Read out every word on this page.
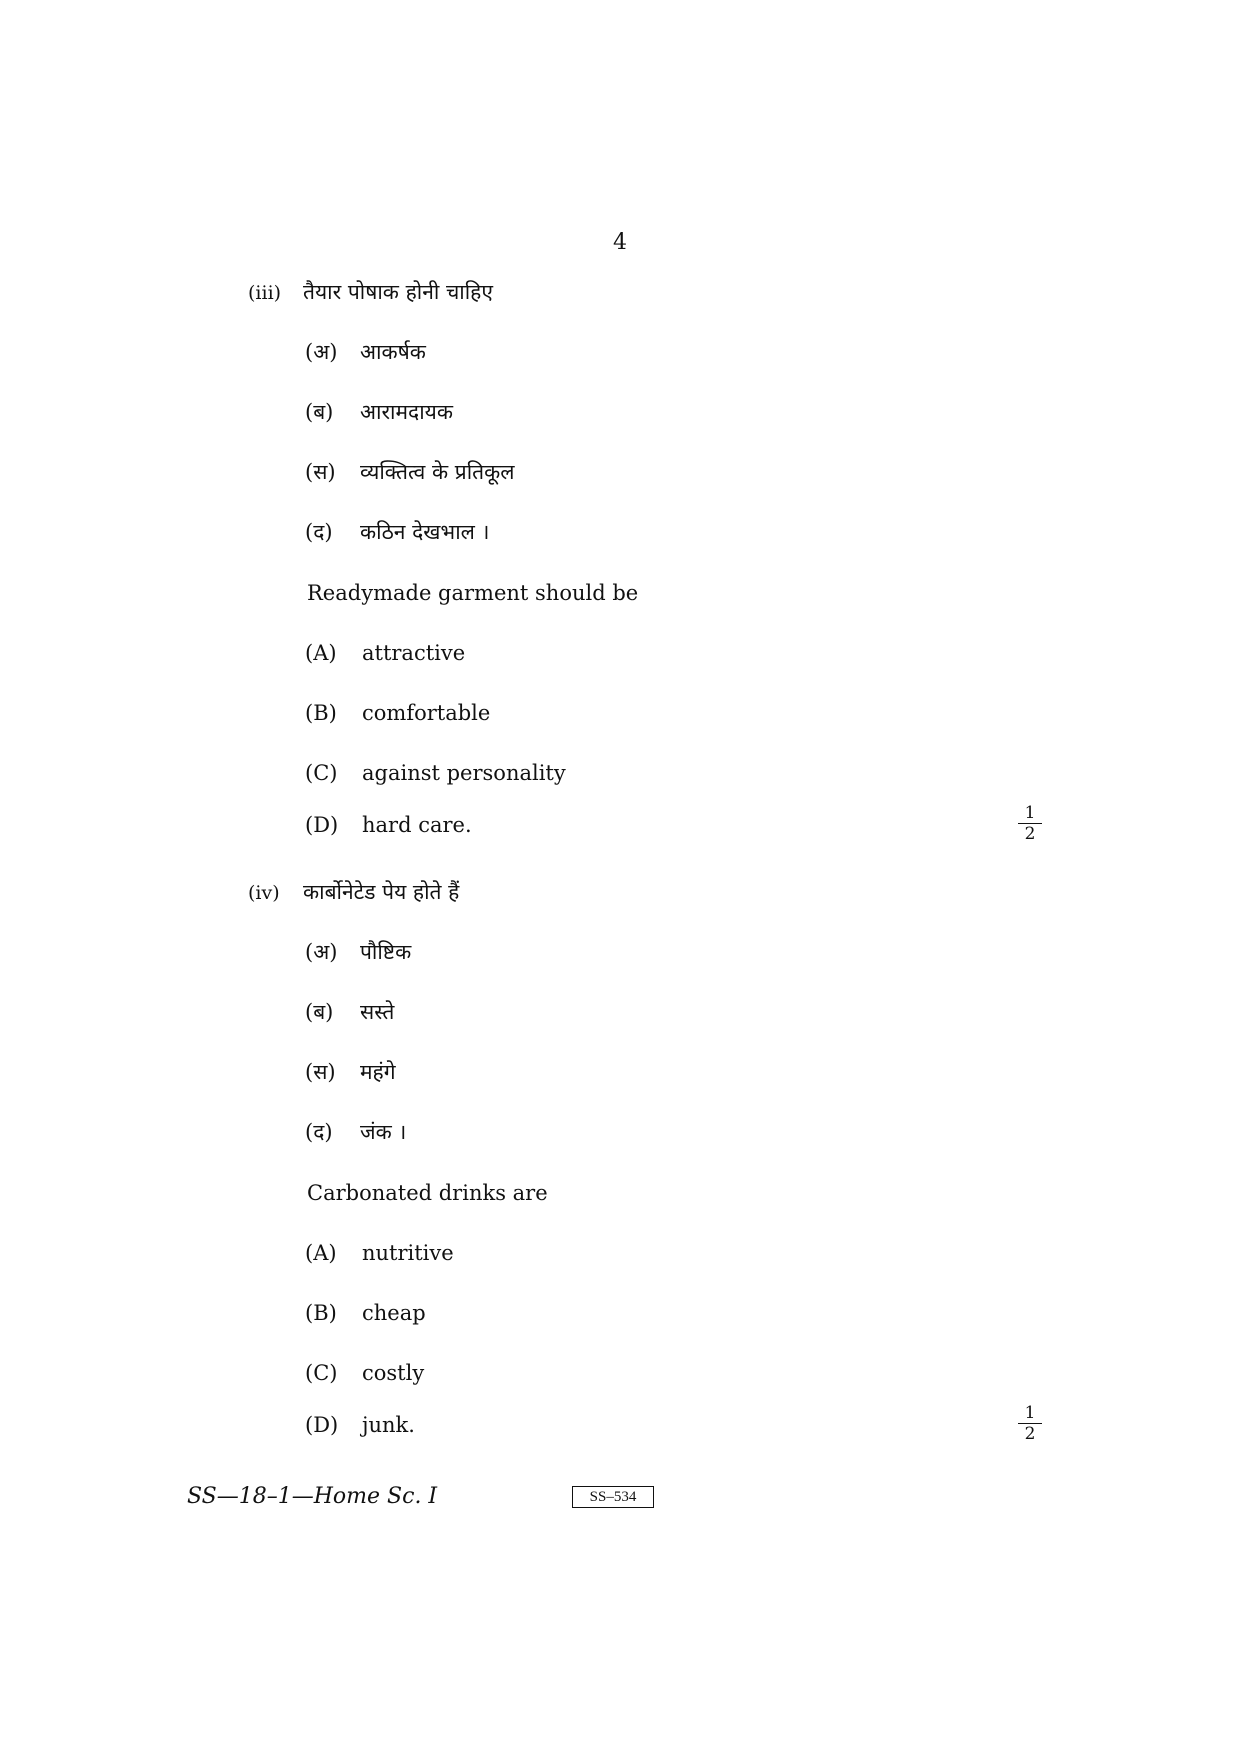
4
(iii) तैयार पोषाक होनी चाहिए
(अ) आकर्षक
(ब) आरामदायक
(स) व्यक्तित्व के प्रतिकूल
(द) कठिन देखभाल ।
Readymade garment should be
(A) attractive
(B) comfortable
(C) against personality
(D) hard care.	$\frac{1}{2}$
(iv) कार्बोनेटेड पेय होते हैं
(अ) पौष्टिक
(ब) सस्ते
(स) महंगे
(द) जंक ।
Carbonated drinks are
(A) nutritive
(B) cheap
(C) costly
(D) junk.	$\frac{1}{2}$
SS—18–1—Home Sc. I	SS–534
